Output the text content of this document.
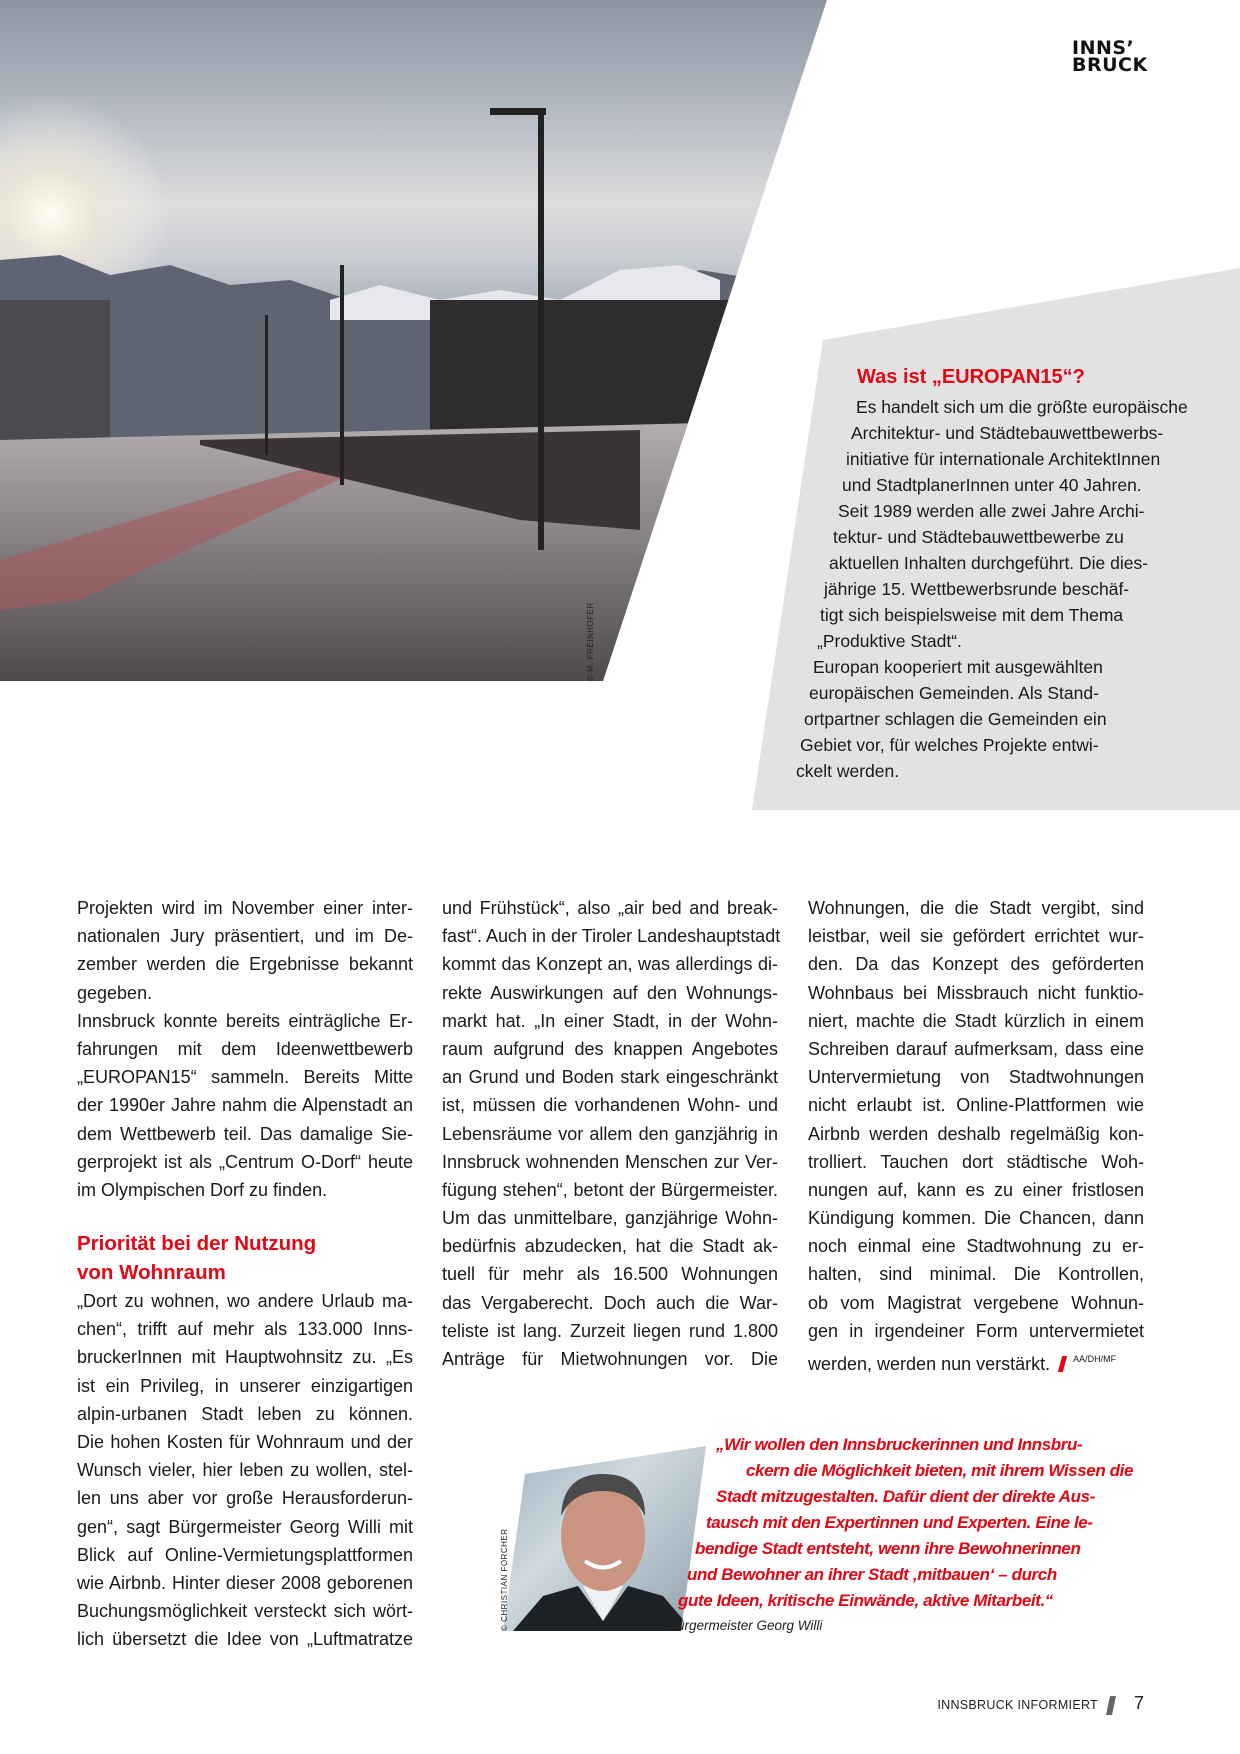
© M. FREINHOFER
INNS’
BRUCK
Was ist „EUROPAN15“?
Es handelt sich um die größte europäische
Architektur- und Städtebauwettbewerbs-
initiative für internationale ArchitektInnen
und StadtplanerInnen unter 40 Jahren.
Seit 1989 werden alle zwei Jahre Archi-
tektur- und Städtebauwettbewerbe zu
aktuellen Inhalten durchgeführt. Die dies-
jährige 15. Wettbewerbsrunde beschäf-
tigt sich beispielsweise mit dem Thema
„Produktive Stadt“.
Europan kooperiert mit ausgewählten
europäischen Gemeinden. Als Stand-
ortpartner schlagen die Gemeinden ein
Gebiet vor, für welches Projekte entwi-
ckelt werden.
Projekten wird im November einer inter-
nationalen Jury präsentiert, und im De-
zember werden die Ergebnisse bekannt
gegeben.
Innsbruck konnte bereits einträgliche Er-
fahrungen mit dem Ideenwettbewerb
„EUROPAN15“ sammeln. Bereits Mitte
der 1990er Jahre nahm die Alpenstadt an
dem Wettbewerb teil. Das damalige Sie-
gerprojekt ist als „Centrum O-Dorf“ heute
im Olympischen Dorf zu finden.
Priorität bei der Nutzung
von Wohnraum
„Dort zu wohnen, wo andere Urlaub ma-
chen“, trifft auf mehr als 133.000 Inns-
bruckerInnen mit Hauptwohnsitz zu. „Es
ist ein Privileg, in unserer einzigartigen
alpin-urbanen Stadt leben zu können.
Die hohen Kosten für Wohnraum und der
Wunsch vieler, hier leben zu wollen, stel-
len uns aber vor große Herausforderun-
gen“, sagt Bürgermeister Georg Willi mit
Blick auf Online-Vermietungsplattformen
wie Airbnb. Hinter dieser 2008 geborenen
Buchungsmöglichkeit versteckt sich wört-
lich übersetzt die Idee von „Luftmatratze
und Frühstück“, also „air bed and break-
fast“. Auch in der Tiroler Landeshauptstadt
kommt das Konzept an, was allerdings di-
rekte Auswirkungen auf den Wohnungs-
markt hat. „In einer Stadt, in der Wohn-
raum aufgrund des knappen Angebotes
an Grund und Boden stark eingeschränkt
ist, müssen die vorhandenen Wohn- und
Lebensräume vor allem den ganzjährig in
Innsbruck wohnenden Menschen zur Ver-
fügung stehen“, betont der Bürgermeister.
Um das unmittelbare, ganzjährige Wohn-
bedürfnis abzudecken, hat die Stadt ak-
tuell für mehr als 16.500 Wohnungen
das Vergaberecht. Doch auch die War-
teliste ist lang. Zurzeit liegen rund 1.800
Anträge für Mietwohnungen vor. Die
Wohnungen, die die Stadt vergibt, sind
leistbar, weil sie gefördert errichtet wur-
den. Da das Konzept des geförderten
Wohnbaus bei Missbrauch nicht funktio-
niert, machte die Stadt kürzlich in einem
Schreiben darauf aufmerksam, dass eine
Untervermietung von Stadtwohnungen
nicht erlaubt ist. Online-Plattformen wie
Airbnb werden deshalb regelmäßig kon-
trolliert. Tauchen dort städtische Woh-
nungen auf, kann es zu einer fristlosen
Kündigung kommen. Die Chancen, dann
noch einmal eine Stadtwohnung zu er-
halten, sind minimal. Die Kontrollen,
ob vom Magistrat vergebene Wohnun-
gen in irgendeiner Form untervermietet
werden, werden nun verstärkt.	$^{AA/DH/MF}$
© CHRISTIAN FORCHER
„Wir wollen den Innsbruckerinnen und Innsbru-
ckern die Möglichkeit bieten, mit ihrem Wissen die
Stadt mitzugestalten. Dafür dient der direkte Aus-
tausch mit den Expertinnen und Experten. Eine le-
bendige Stadt entsteht, wenn ihre Bewohnerinnen
und Bewohner an ihrer Stadt ‚mitbauen‘ – durch
gute Ideen, kritische Einwände, aktive Mitarbeit.“
Bürgermeister Georg Willi
INNSBRUCK INFORMIERT 7
